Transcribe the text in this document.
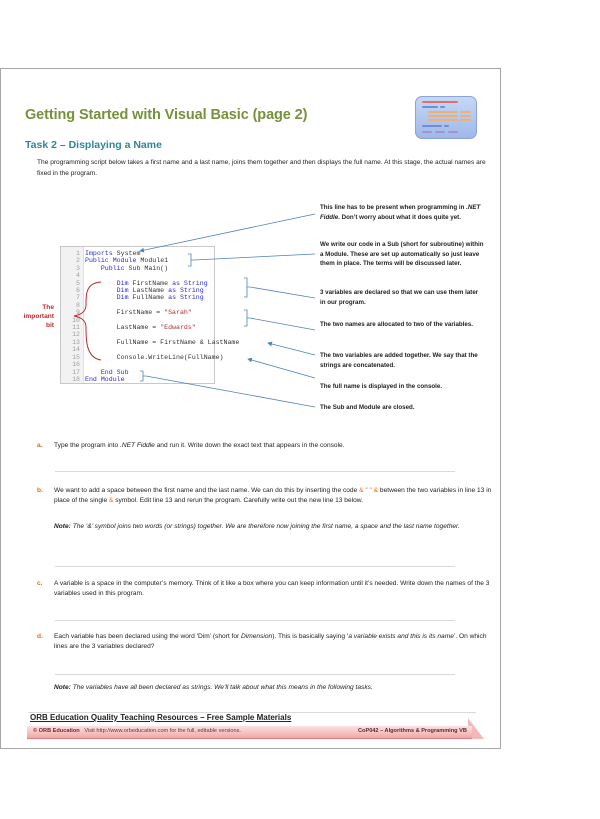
Getting Started with Visual Basic (page 2)
Task 2 – Displaying a Name
The programming script below takes a first name and a last name, joins them together and then displays the full name. At this stage, the actual names are fixed in the program.
1 Imports System
2 Public Module Module1
3    Public Sub Main()
4
5        Dim FirstName as String
6        Dim LastName as String
7        Dim FullName as String
8
9        FirstName = "Sarah"
10
11        LastName = "Edwards"
12
13        FullName = FirstName & LastName
14
15        Console.WriteLine(FullName)
16
17    End Sub
18 End Module
The
important
bit
This line has to be present when programming in .NET Fiddle. Don’t worry about what it does quite yet.
We write our code in a Sub (short for subroutine) within a Module. These are set up automatically so just leave them in place. The terms will be discussed later.
3 variables are declared so that we can use them later in our program.
The two names are allocated to two of the variables.
The two variables are added together. We say that the strings are concatenated.
The full name is displayed in the console.
The Sub and Module are closed.
a. Type the program into .NET Fiddle and run it. Write down the exact text that appears in the console.
b. We want to add a space between the first name and the last name. We can do this by inserting the code & " " & between the two variables in line 13 in place of the single & symbol. Edit line 13 and rerun the program. Carefully write out the new line 13 below.
Note: The ‘&’ symbol joins two words (or strings) together. We are therefore now joining the first name, a space and the last name together.
c. A variable is a space in the computer’s memory. Think of it like a box where you can keep information until it’s needed. Write down the names of the 3 variables used in this program.
d. Each variable has been declared using the word ‘Dim’ (short for Dimension). This is basically saying ‘a variable exists and this is its name’. On which lines are the 3 variables declared?
Note: The variables have all been declared as strings. We’ll talk about what this means in the following tasks.
ORB Education Quality Teaching Resources – Free Sample Materials
© ORB Education Visit http://www.orbeducation.com for the full, editable versions.	CoP042 – Algorithms & Programming VB
